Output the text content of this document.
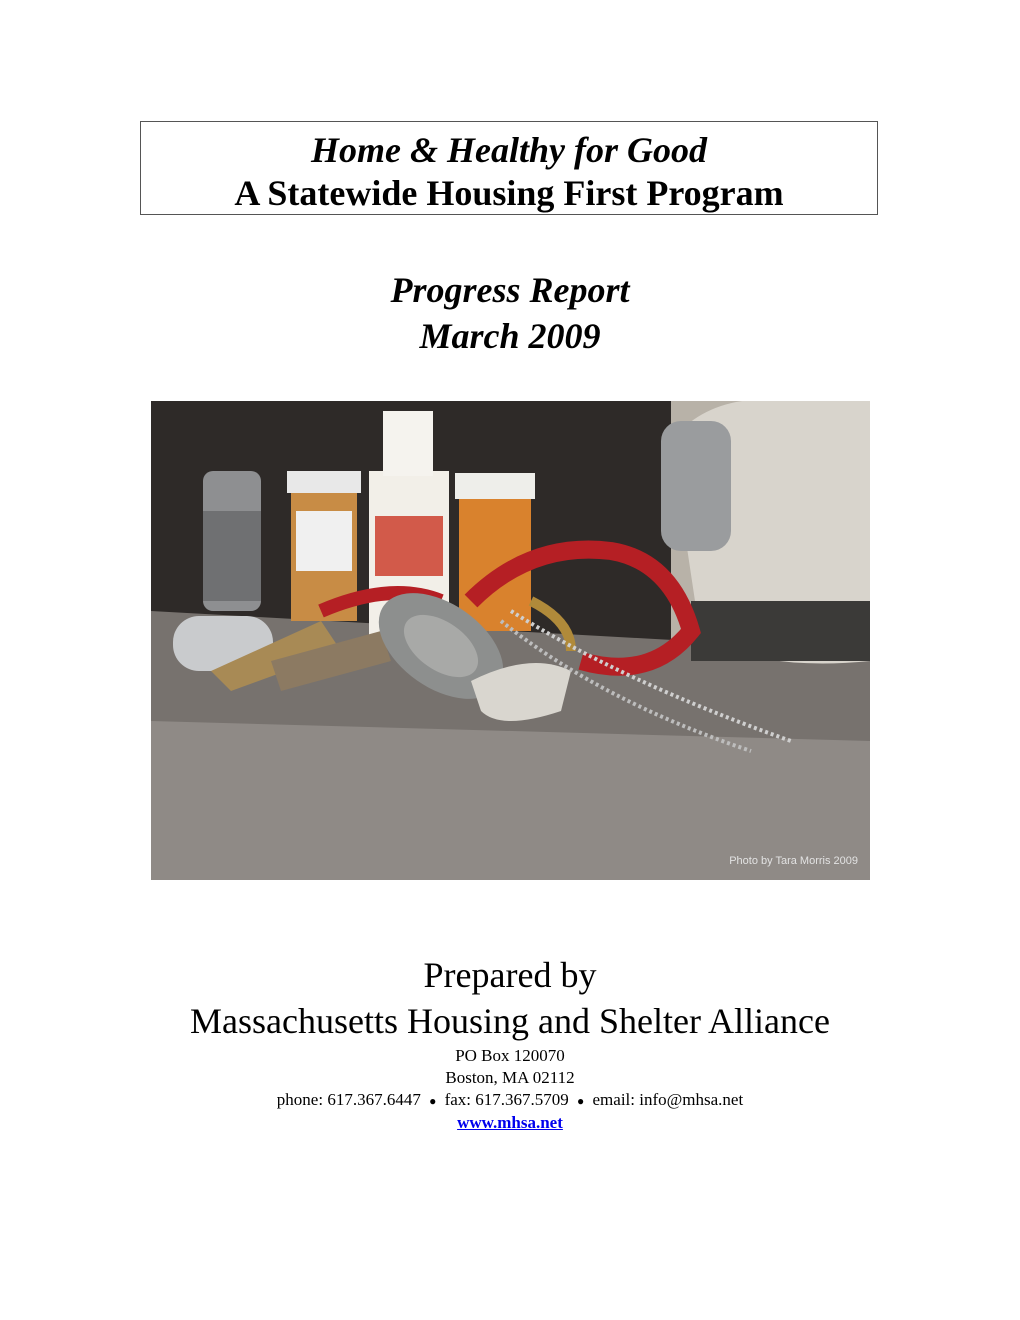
Home & Healthy for Good
A Statewide Housing First Program
Progress Report
March 2009
Photo by Tara Morris 2009
Prepared by
Massachusetts Housing and Shelter Alliance
PO Box 120070
Boston, MA 02112
phone: 617.367.6447 ● fax: 617.367.5709 ● email: info@mhsa.net
www.mhsa.net
